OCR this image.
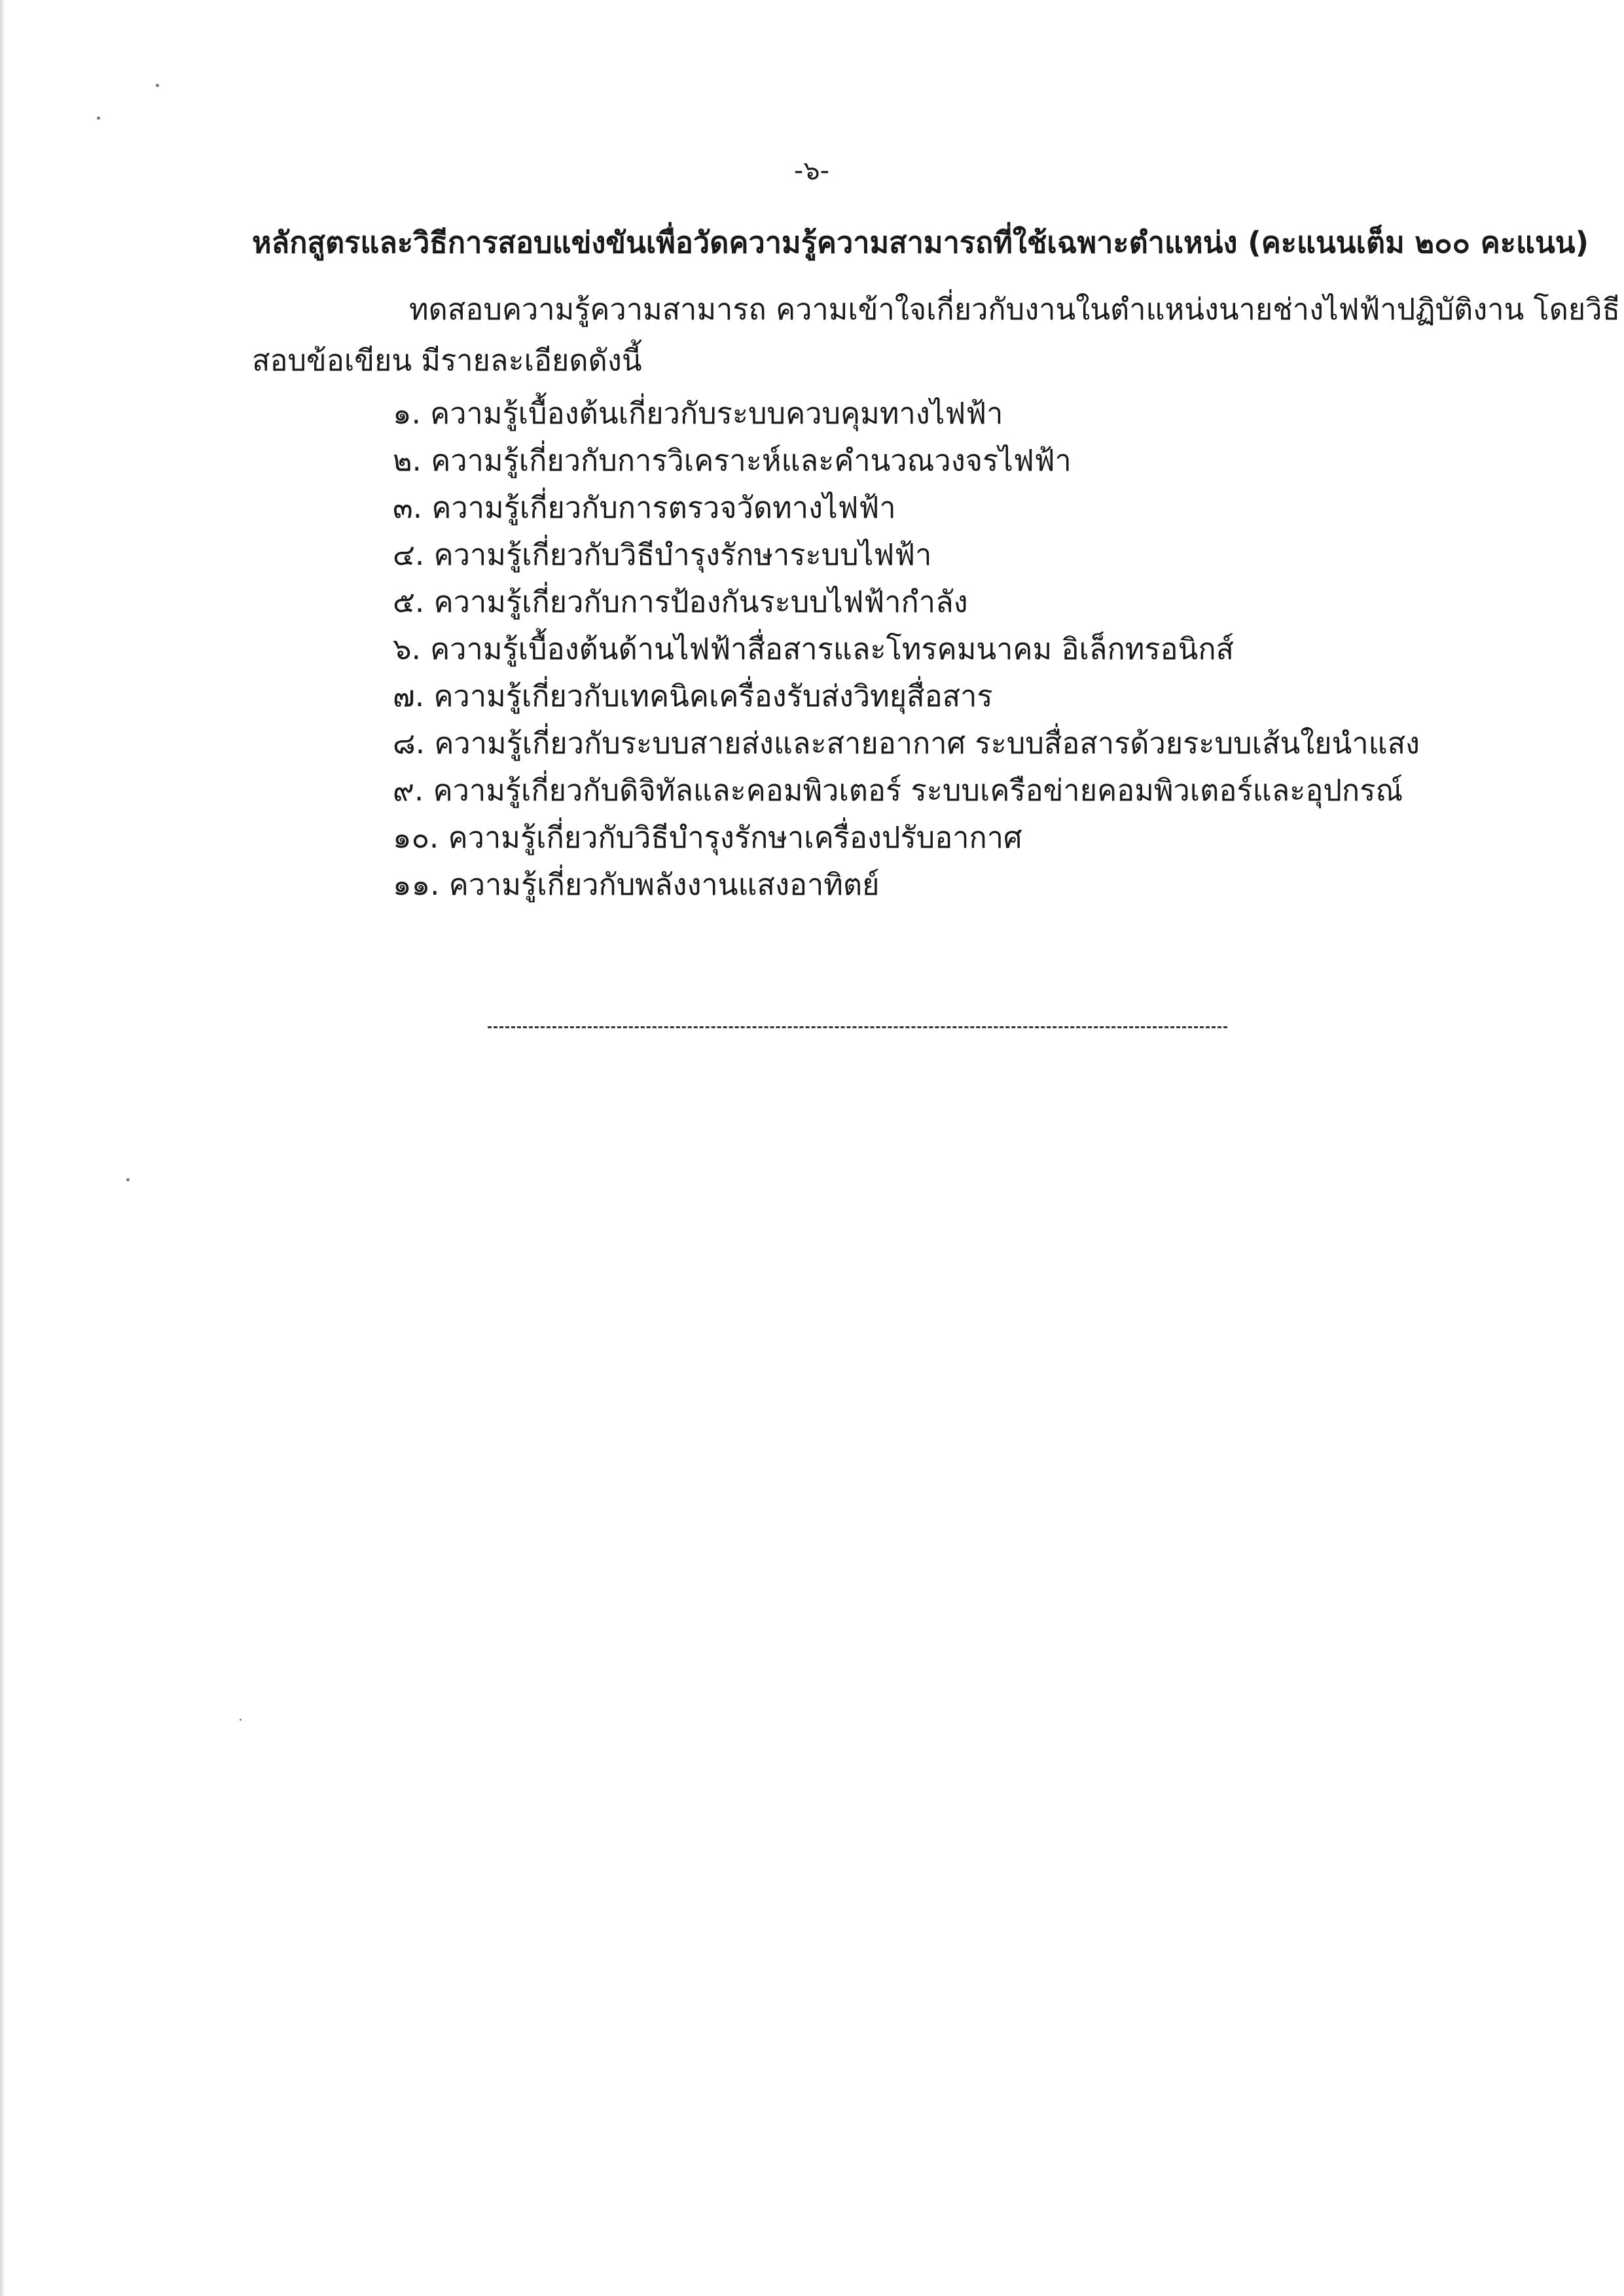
-๖-
หลักสูตรและวิธีการสอบแข่งขันเพื่อวัดความรู้ความสามารถที่ใช้เฉพาะตำแหน่ง (คะแนนเต็ม ๒๐๐ คะแนน)
ทดสอบความรู้ความสามารถ ความเข้าใจเกี่ยวกับงานในตำแหน่งนายช่างไฟฟ้าปฏิบัติงาน โดยวิธี
สอบข้อเขียน มีรายละเอียดดังนี้
๑. ความรู้เบื้องต้นเกี่ยวกับระบบควบคุมทางไฟฟ้า
๒. ความรู้เกี่ยวกับการวิเคราะห์และคำนวณวงจรไฟฟ้า
๓. ความรู้เกี่ยวกับการตรวจวัดทางไฟฟ้า
๔. ความรู้เกี่ยวกับวิธีบำรุงรักษาระบบไฟฟ้า
๕. ความรู้เกี่ยวกับการป้องกันระบบไฟฟ้ากำลัง
๖. ความรู้เบื้องต้นด้านไฟฟ้าสื่อสารและโทรคมนาคม อิเล็กทรอนิกส์
๗. ความรู้เกี่ยวกับเทคนิคเครื่องรับส่งวิทยุสื่อสาร
๘. ความรู้เกี่ยวกับระบบสายส่งและสายอากาศ ระบบสื่อสารด้วยระบบเส้นใยนำแสง
๙. ความรู้เกี่ยวกับดิจิทัลและคอมพิวเตอร์ ระบบเครือข่ายคอมพิวเตอร์และอุปกรณ์
๑๐. ความรู้เกี่ยวกับวิธีบำรุงรักษาเครื่องปรับอากาศ
๑๑. ความรู้เกี่ยวกับพลังงานแสงอาทิตย์
